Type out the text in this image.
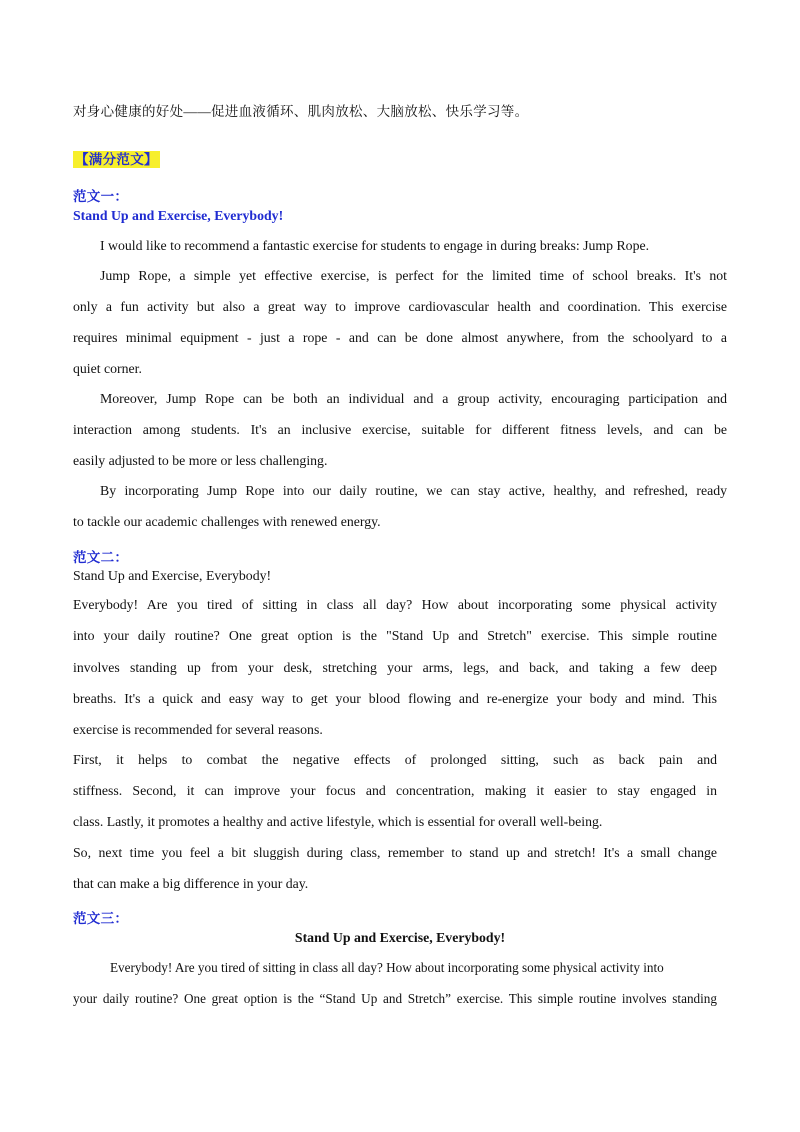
对身心健康的好处——促进血液循环、肌肉放松、大脑放松、快乐学习等。
【满分范文】
范文一：
Stand Up and Exercise, Everybody!
I would like to recommend a fantastic exercise for students to engage in during breaks: Jump Rope.
Jump Rope, a simple yet effective exercise, is perfect for the limited time of school breaks. It's not
only a fun activity but also a great way to improve cardiovascular health and coordination. This exercise
requires minimal equipment - just a rope - and can be done almost anywhere, from the schoolyard to a
quiet corner.
Moreover, Jump Rope can be both an individual and a group activity, encouraging participation and
interaction among students. It's an inclusive exercise, suitable for different fitness levels, and can be
easily adjusted to be more or less challenging.
By incorporating Jump Rope into our daily routine, we can stay active, healthy, and refreshed, ready
to tackle our academic challenges with renewed energy.
范文二：
Stand Up and Exercise, Everybody!
Everybody! Are you tired of sitting in class all day? How about incorporating some physical activity
into your daily routine? One great option is the "Stand Up and Stretch" exercise. This simple routine
involves standing up from your desk, stretching your arms, legs, and back, and taking a few deep
breaths. It's a quick and easy way to get your blood flowing and re-energize your body and mind. This
exercise is recommended for several reasons.
First, it helps to combat the negative effects of prolonged sitting, such as back pain and
stiffness. Second, it can improve your focus and concentration, making it easier to stay engaged in
class. Lastly, it promotes a healthy and active lifestyle, which is essential for overall well-being.
So, next time you feel a bit sluggish during class, remember to stand up and stretch! It's a small change
that can make a big difference in your day.
范文三：
Stand Up and Exercise, Everybody!
Everybody! Are you tired of sitting in class all day? How about incorporating some physical activity into
your daily routine? One great option is the “Stand Up and Stretch” exercise. This simple routine involves standing
